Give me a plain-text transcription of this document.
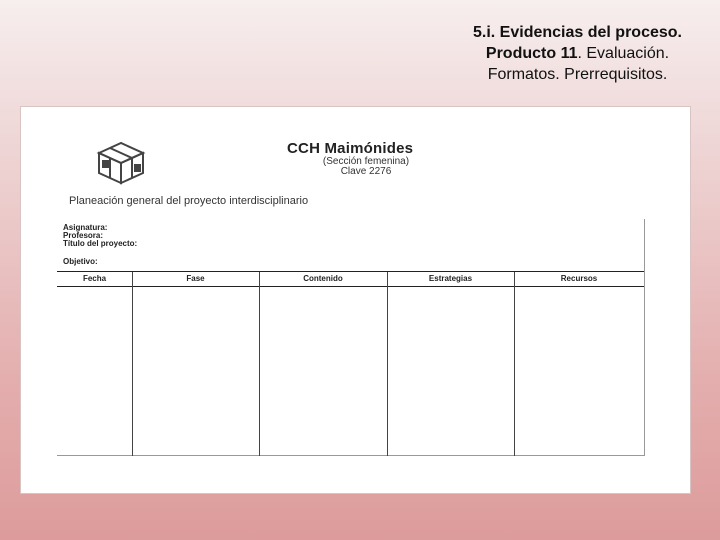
5.i. Evidencias del proceso.
Producto 11. Evaluación.
Formatos. Prerrequisitos.
CCH Maimónides
(Sección femenina)
Clave 2276
Planeación general del proyecto interdisciplinario
Asignatura:
Profesora:
Título del proyecto:
Objetivo:
Fecha	Fase	Contenido	Estrategias	Recursos
